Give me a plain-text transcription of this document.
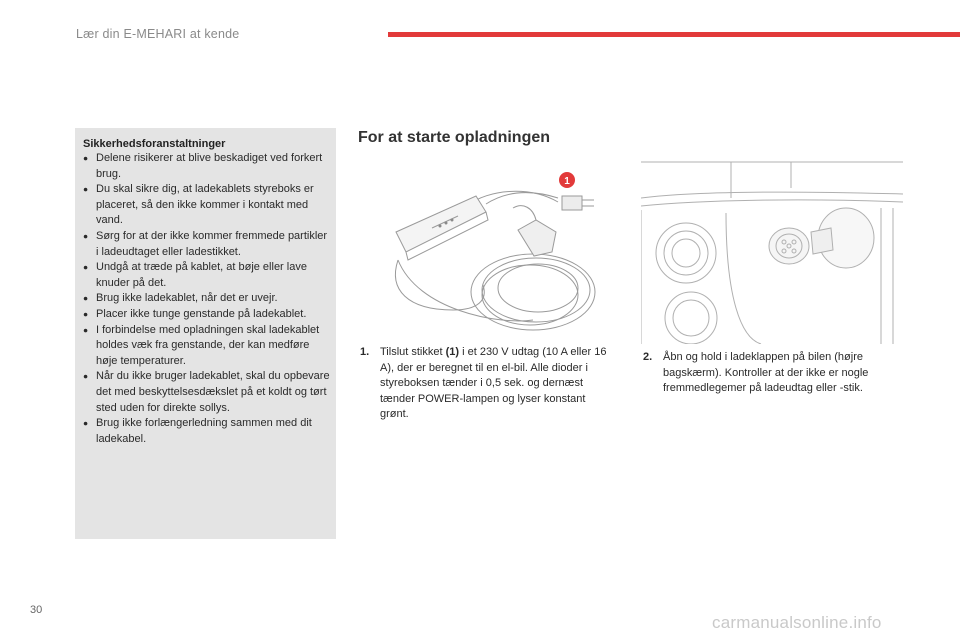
Lær din E-MEHARI at kende
Sikkerhedsforanstaltninger
● Delene risikerer at blive beskadiget ved forkert brug.
● Du skal sikre dig, at ladekablets styreboks er placeret, så den ikke kommer i kontakt med vand.
● Sørg for at der ikke kommer fremmede partikler i ladeudtaget eller ladestikket.
● Undgå at træde på kablet, at bøje eller lave knuder på det.
● Brug ikke ladekablet, når det er uvejr.
● Placer ikke tunge genstande på ladekablet.
● I forbindelse med opladningen skal ladekablet holdes væk fra genstande, der kan medføre høje temperaturer.
● Når du ikke bruger ladekablet, skal du opbevare det med beskyttelsesdækslet på et koldt og tørt sted uden for direkte sollys.
● Brug ikke forlængerledning sammen med dit ladekabel.
For at starte opladningen
1
1. Tilslut stikket (1) i et 230 V udtag (10 A eller 16 A), der er beregnet til en el-bil. Alle dioder i styreboksen tænder i 0,5 sek. og dernæst tænder POWER-lampen og lyser konstant grønt.
2. Åbn og hold i ladeklappen på bilen (højre bagskærm). Kontroller at der ikke er nogle fremmedlegemer på ladeudtag eller -stik.
30
carmanualsonline.info
